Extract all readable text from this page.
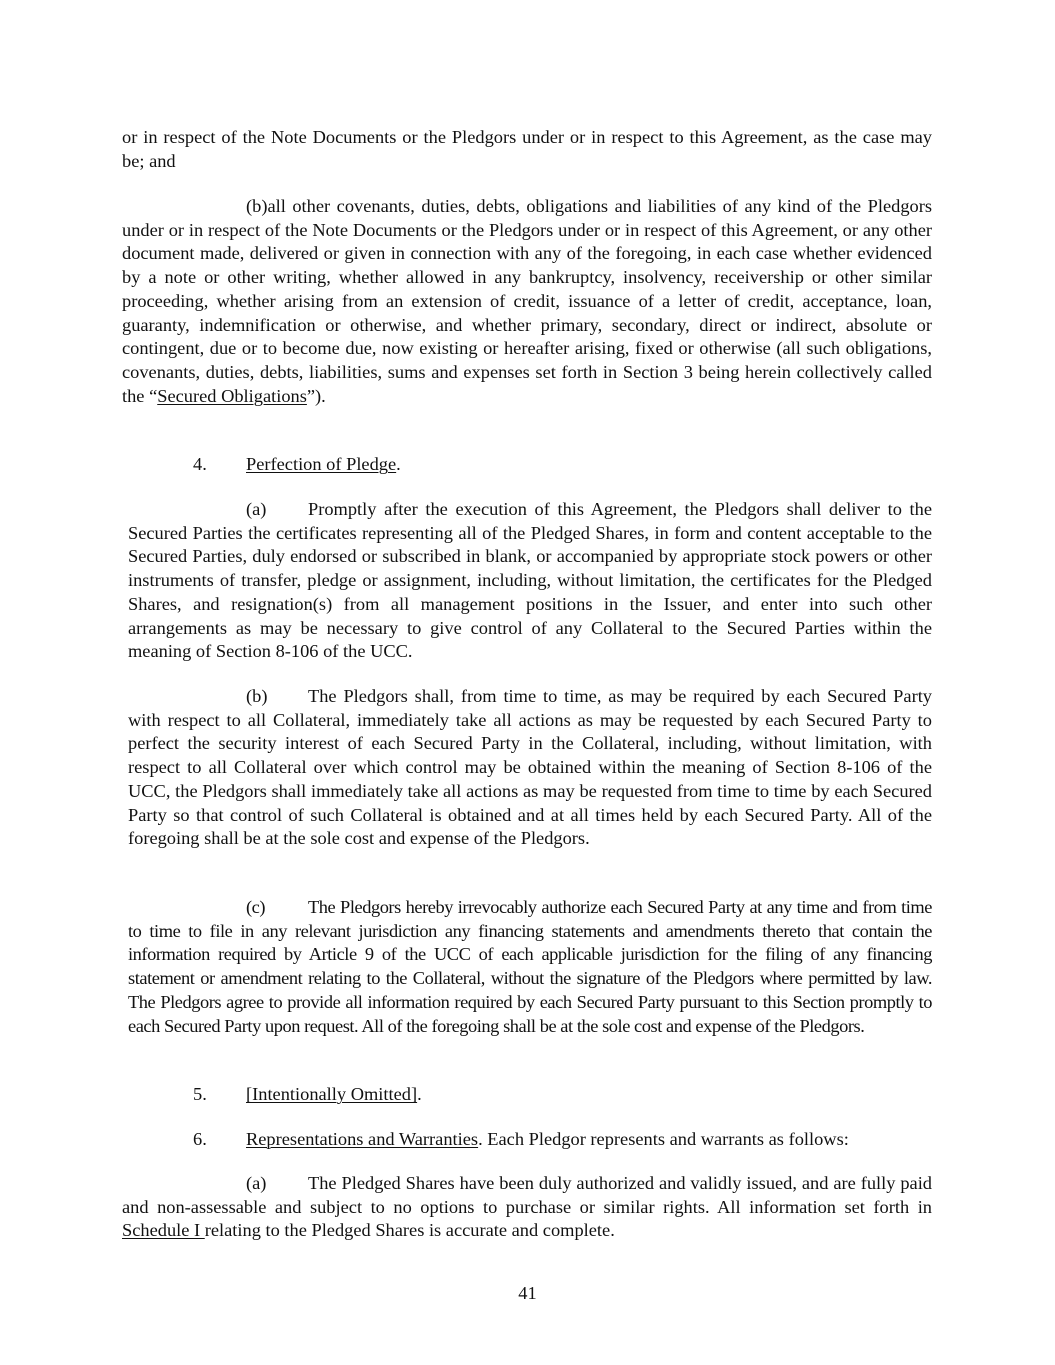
or in respect of the Note Documents or the Pledgors under or in respect to this Agreement, as the case may be; and

(b)all other covenants, duties, debts, obligations and liabilities of any kind of the Pledgors under or in respect of the Note Documents or the Pledgors under or in respect of this Agreement, or any other document made, delivered or given in connection with any of the foregoing, in each case whether evidenced by a note or other writing, whether allowed in any bankruptcy, insolvency, receivership or other similar proceeding, whether arising from an extension of credit, issuance of a letter of credit, acceptance, loan, guaranty, indemnification or otherwise, and whether primary, secondary, direct or indirect, absolute or contingent, due or to become due, now existing or hereafter arising, fixed or otherwise (all such obligations, covenants, duties, debts, liabilities, sums and expenses set forth in Section 3 being herein collectively called the “Secured Obligations”).

4. Perfection of Pledge.

(a) Promptly after the execution of this Agreement, the Pledgors shall deliver to the Secured Parties the certificates representing all of the Pledged Shares, in form and content acceptable to the Secured Parties, duly endorsed or subscribed in blank, or accompanied by appropriate stock powers or other instruments of transfer, pledge or assignment, including, without limitation, the certificates for the Pledged Shares, and resignation(s) from all management positions in the Issuer, and enter into such other arrangements as may be necessary to give control of any Collateral to the Secured Parties within the meaning of Section 8-106 of the UCC.

(b) The Pledgors shall, from time to time, as may be required by each Secured Party with respect to all Collateral, immediately take all actions as may be requested by each Secured Party to perfect the security interest of each Secured Party in the Collateral, including, without limitation, with respect to all Collateral over which control may be obtained within the meaning of Section 8-106 of the UCC, the Pledgors shall immediately take all actions as may be requested from time to time by each Secured Party so that control of such Collateral is obtained and at all times held by each Secured Party. All of the foregoing shall be at the sole cost and expense of the Pledgors.

(c) The Pledgors hereby irrevocably authorize each Secured Party at any time and from time to time to file in any relevant jurisdiction any financing statements and amendments thereto that contain the information required by Article 9 of the UCC of each applicable jurisdiction for the filing of any financing statement or amendment relating to the Collateral, without the signature of the Pledgors where permitted by law. The Pledgors agree to provide all information required by each Secured Party pursuant to this Section promptly to each Secured Party upon request. All of the foregoing shall be at the sole cost and expense of the Pledgors.

5. [Intentionally Omitted].

6. Representations and Warranties. Each Pledgor represents and warrants as follows:

(a) The Pledged Shares have been duly authorized and validly issued, and are fully paid and non-assessable and subject to no options to purchase or similar rights. All information set forth in Schedule I relating to the Pledged Shares is accurate and complete.

41
